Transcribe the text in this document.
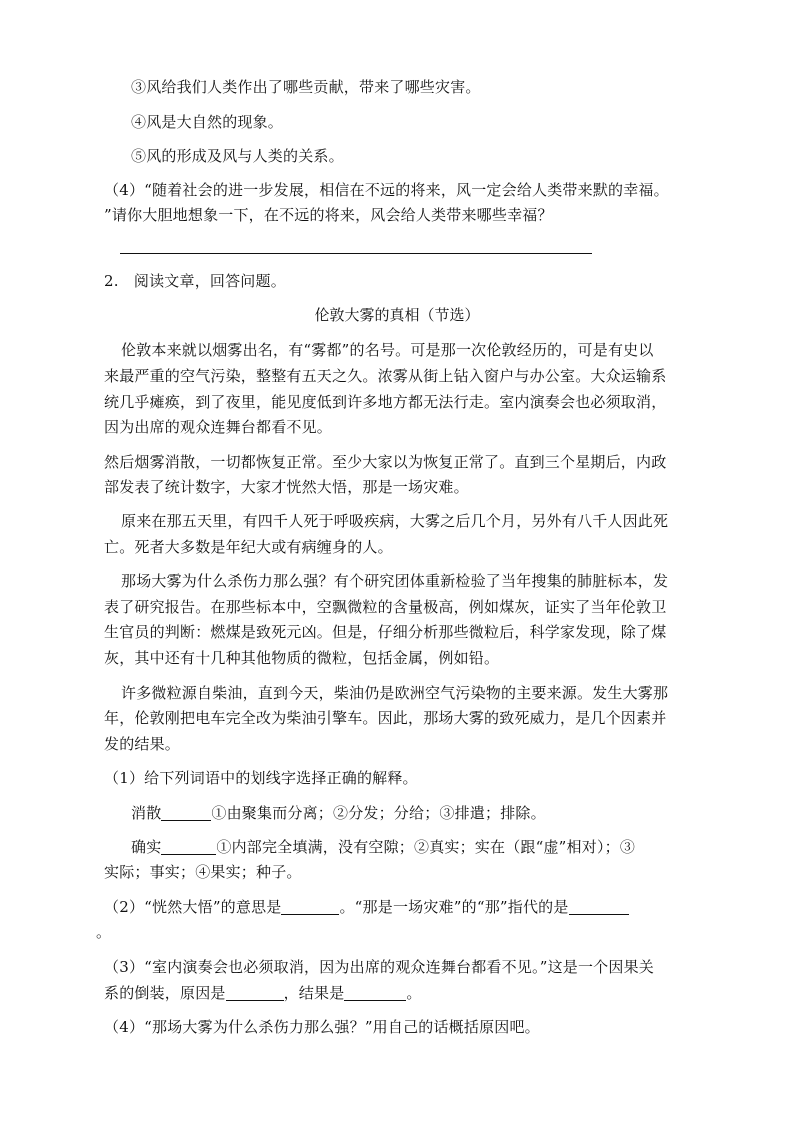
③风给我们人类作出了哪些贡献，带来了哪些灾害。
④风是大自然的现象。
⑤风的形成及风与人类的关系。
（4）“随着社会的进一步发展，相信在不远的将来，风一定会给人类带来默的幸福。
”请你大胆地想象一下，在不远的将来，风会给人类带来哪些幸福？
2.　阅读文章，回答问题。
伦敦大雾的真相（节选）
伦敦本来就以烟雾出名，有“雾都”的名号。可是那一次伦敦经历的，可是有史以
来最严重的空气污染，整整有五天之久。浓雾从街上钻入窗户与办公室。大众运输系
统几乎瘫痪，到了夜里，能见度低到许多地方都无法行走。室内演奏会也必须取消，
因为出席的观众连舞台都看不见。
然后烟雾消散，一切都恢复正常。至少大家以为恢复正常了。直到三个星期后，内政
部发表了统计数字，大家才恍然大悟，那是一场灾难。
原来在那五天里，有四千人死于呼吸疾病，大雾之后几个月，另外有八千人因此死
亡。死者大多数是年纪大或有病缠身的人。
那场大雾为什么杀伤力那么强？有个研究团体重新检验了当年搜集的肺脏标本，发
表了研究报告。在那些标本中，空飘微粒的含量极高，例如煤灰，证实了当年伦敦卫
生官员的判断：燃煤是致死元凶。但是，仔细分析那些微粒后，科学家发现，除了煤
灰，其中还有十几种其他物质的微粒，包括金属，例如铅。
许多微粒源自柴油，直到今天，柴油仍是欧洲空气污染物的主要来源。发生大雾那
年，伦敦刚把电车完全改为柴油引擎车。因此，那场大雾的致死威力，是几个因素并
发的结果。
（1）给下列词语中的划线字选择正确的解释。
消散	①由聚集而分离；②分发；分给；③排遣；排除。
确实	①内部完全填满，没有空隙；②真实；实在（跟“虚”相对）；③
实际；事实；④果实；种子。
（2）“恍然大悟”的意思是	。“那是一场灾难”的“那”指代的是
。
（3）“室内演奏会也必须取消，因为出席的观众连舞台都看不见。”这是一个因果关
系的倒装，原因是	，结果是	。
（4）“那场大雾为什么杀伤力那么强？”用自己的话概括原因吧。
